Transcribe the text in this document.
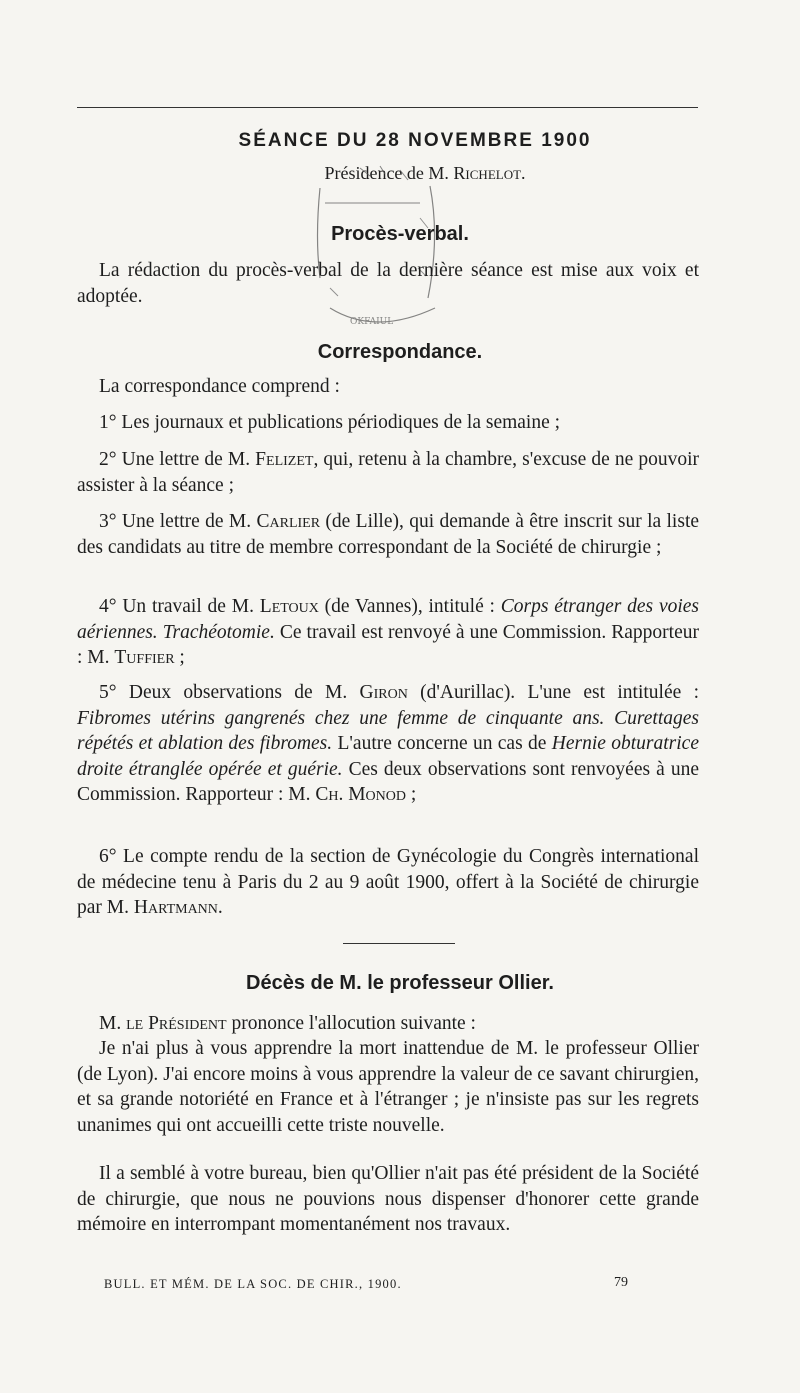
SÉANCE DU 28 NOVEMBRE 1900
Présidence de M. Richelot.
OKFAIUL
Procès-verbal.
La rédaction du procès-verbal de la dernière séance est mise aux voix et adoptée.
Correspondance.
La correspondance comprend :
1° Les journaux et publications périodiques de la semaine ;
2° Une lettre de M. Felizet, qui, retenu à la chambre, s'excuse de ne pouvoir assister à la séance ;
3° Une lettre de M. Carlier (de Lille), qui demande à être inscrit sur la liste des candidats au titre de membre correspondant de la Société de chirurgie ;
4° Un travail de M. Letoux (de Vannes), intitulé : Corps étranger des voies aériennes. Trachéotomie. Ce travail est renvoyé à une Commission. Rapporteur : M. Tuffier ;
5° Deux observations de M. Giron (d'Aurillac). L'une est intitulée : Fibromes utérins gangrenés chez une femme de cinquante ans. Curettages répétés et ablation des fibromes. L'autre concerne un cas de Hernie obturatrice droite étranglée opérée et guérie. Ces deux observations sont renvoyées à une Commission. Rapporteur : M. Ch. Monod ;
6° Le compte rendu de la section de Gynécologie du Congrès international de médecine tenu à Paris du 2 au 9 août 1900, offert à la Société de chirurgie par M. Hartmann.
Décès de M. le professeur Ollier.
M. le Président prononce l'allocution suivante :
Je n'ai plus à vous apprendre la mort inattendue de M. le professeur Ollier (de Lyon). J'ai encore moins à vous apprendre la valeur de ce savant chirurgien, et sa grande notoriété en France et à l'étranger ; je n'insiste pas sur les regrets unanimes qui ont accueilli cette triste nouvelle.
Il a semblé à votre bureau, bien qu'Ollier n'ait pas été président de la Société de chirurgie, que nous ne pouvions nous dispenser d'honorer cette grande mémoire en interrompant momentanément nos travaux.
BULL. ET MÉM. DE LA SOC. DE CHIR., 1900.	79
